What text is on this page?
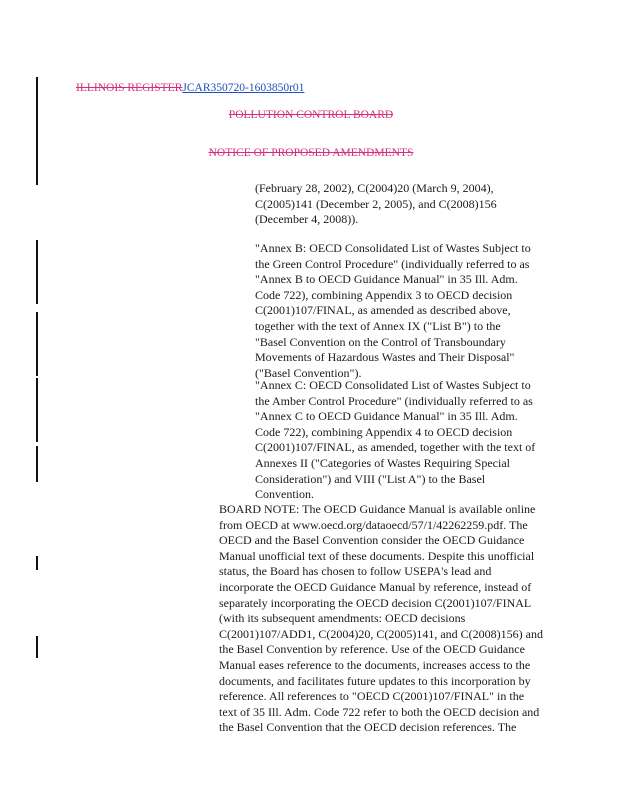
ILLINOIS REGISTERJCAR350720-1603850r01
POLLUTION CONTROL BOARD
NOTICE OF PROPOSED AMENDMENTS

(February 28, 2002), C(2004)20 (March 9, 2004),

C(2005)141 (December 2, 2005), and C(2008)156

(December 4, 2008)).

"Annex B: OECD Consolidated List of Wastes Subject to

the Green Control Procedure" (individually referred to as

"Annex B to OECD Guidance Manual" in 35 Ill. Adm.

Code 722), combining Appendix 3 to OECD decision

C(2001)107/FINAL, as amended as described above,

together with the text of Annex IX ("List B") to the

"Basel Convention on the Control of Transboundary

Movements of Hazardous Wastes and Their Disposal"

("Basel Convention").

"Annex C: OECD Consolidated List of Wastes Subject to

the Amber Control Procedure" (individually referred to as

"Annex C to OECD Guidance Manual" in 35 Ill. Adm.

Code 722), combining Appendix 4 to OECD decision

C(2001)107/FINAL, as amended, together with the text of

Annexes II ("Categories of Wastes Requiring Special

Consideration") and VIII ("List A") to the Basel

Convention.

BOARD NOTE: The OECD Guidance Manual is available online

from OECD at www.oecd.org/dataoecd/57/1/42262259.pdf. The

OECD and the Basel Convention consider the OECD Guidance

Manual unofficial text of these documents. Despite this unofficial

status, the Board has chosen to follow USEPA's lead and

incorporate the OECD Guidance Manual by reference, instead of

separately incorporating the OECD decision C(2001)107/FINAL

(with its subsequent amendments: OECD decisions

C(2001)107/ADD1, C(2004)20, C(2005)141, and C(2008)156) and

the Basel Convention by reference. Use of the OECD Guidance

Manual eases reference to the documents, increases access to the

documents, and facilitates future updates to this incorporation by

reference. All references to "OECD C(2001)107/FINAL" in the

text of 35 Ill. Adm. Code 722 refer to both the OECD decision and

the Basel Convention that the OECD decision references. The
